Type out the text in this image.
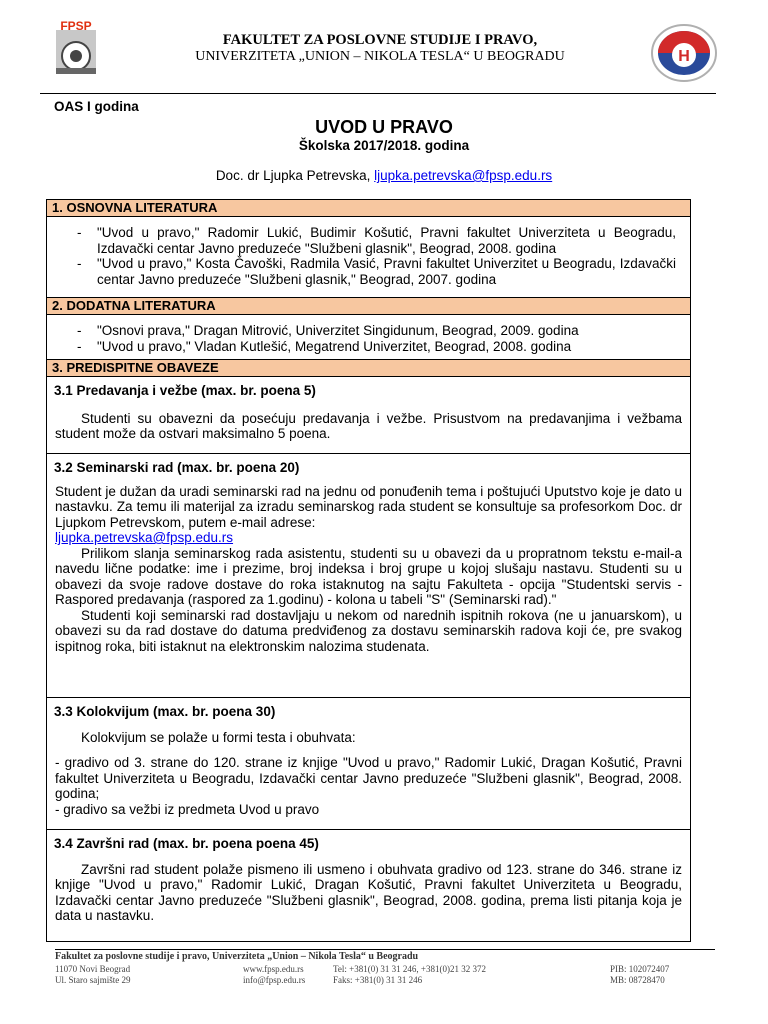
FPSP
H
FAKULTET ZA POSLOVNE STUDIJE I PRAVO,
UNIVERZITETA „UNION – NIKOLA TESLA“ U BEOGRADU
OAS I godina
UVOD U PRAVO
Školska 2017/2018. godina
Doc. dr Ljupka Petrevska, ljupka.petrevska@fpsp.edu.rs
1. OSNOVNA LITERATURA
- "Uvod u pravo," Radomir Lukić, Budimir Košutić, Pravni fakultet Univerziteta u Beogradu, Izdavački centar Javno preduzeće "Službeni glasnik", Beograd, 2008. godina
- "Uvod u pravo," Kosta Čavoški, Radmila Vasić, Pravni fakultet Univerzitet u Beogradu, Izdavački centar Javno preduzeće "Službeni glasnik," Beograd, 2007. godina
2. DODATNA LITERATURA
- "Osnovi prava," Dragan Mitrović, Univerzitet Singidunum, Beograd, 2009. godina
- "Uvod u pravo," Vladan Kutlešić, Megatrend Univerzitet, Beograd, 2008. godina
3. PREDISPITNE OBAVEZE
3.1 Predavanja i vežbe (max. br. poena 5)
Studenti su obavezni da posećuju predavanja i vežbe. Prisustvom na predavanjima i vežbama student može da ostvari maksimalno 5 poena.
3.2 Seminarski rad (max. br. poena 20)
Student je dužan da uradi seminarski rad na jednu od ponuđenih tema i poštujući Uputstvo koje je dato u nastavku. Za temu ili materijal za izradu seminarskog rada student se konsultuje sa profesorkom Doc. dr Ljupkom Petrevskom, putem e-mail adrese:
ljupka.petrevska@fpsp.edu.rs
Prilikom slanja seminarskog rada asistentu, studenti su u obavezi da u propratnom tekstu e-mail-a navedu lične podatke: ime i prezime, broj indeksa i broj grupe u kojoj slušaju nastavu. Studenti su u obavezi da svoje radove dostave do roka istaknutog na sajtu Fakulteta - opcija "Studentski servis - Raspored predavanja (raspored za 1.godinu) - kolona u tabeli "S" (Seminarski rad)."
Studenti koji seminarski rad dostavljaju u nekom od narednih ispitnih rokova (ne u januarskom), u obavezi su da rad dostave do datuma predviđenog za dostavu seminarskih radova koji će, pre svakog ispitnog roka, biti istaknut na elektronskim nalozima studenata.
3.3 Kolokvijum (max. br. poena 30)
Kolokvijum se polaže u formi testa i obuhvata:
- gradivo od 3. strane do 120. strane iz knjige "Uvod u pravo," Radomir Lukić, Dragan Košutić, Pravni fakultet Univerziteta u Beogradu, Izdavački centar Javno preduzeće "Službeni glasnik", Beograd, 2008. godina;
- gradivo sa vežbi iz predmeta Uvod u pravo
3.4 Završni rad (max. br. poena poena 45)
Završni rad student polaže pismeno ili usmeno i obuhvata gradivo od 123. strane do 346. strane iz knjige "Uvod u pravo," Radomir Lukić, Dragan Košutić, Pravni fakultet Univerziteta u Beogradu, Izdavački centar Javno preduzeće "Službeni glasnik", Beograd, 2008. godina, prema listi pitanja koja je data u nastavku.
Fakultet za poslovne studije i pravo, Univerziteta „Union – Nikola Tesla“ u Beogradu
11070 Novi Beograd
Ul. Staro sajmište 29
www.fpsp.edu.rs
info@fpsp.edu.rs
Tel: +381(0) 31 31 246, +381(0)21 32 372
Faks: +381(0) 31 31 246
PIB: 102072407
MB: 08728470
